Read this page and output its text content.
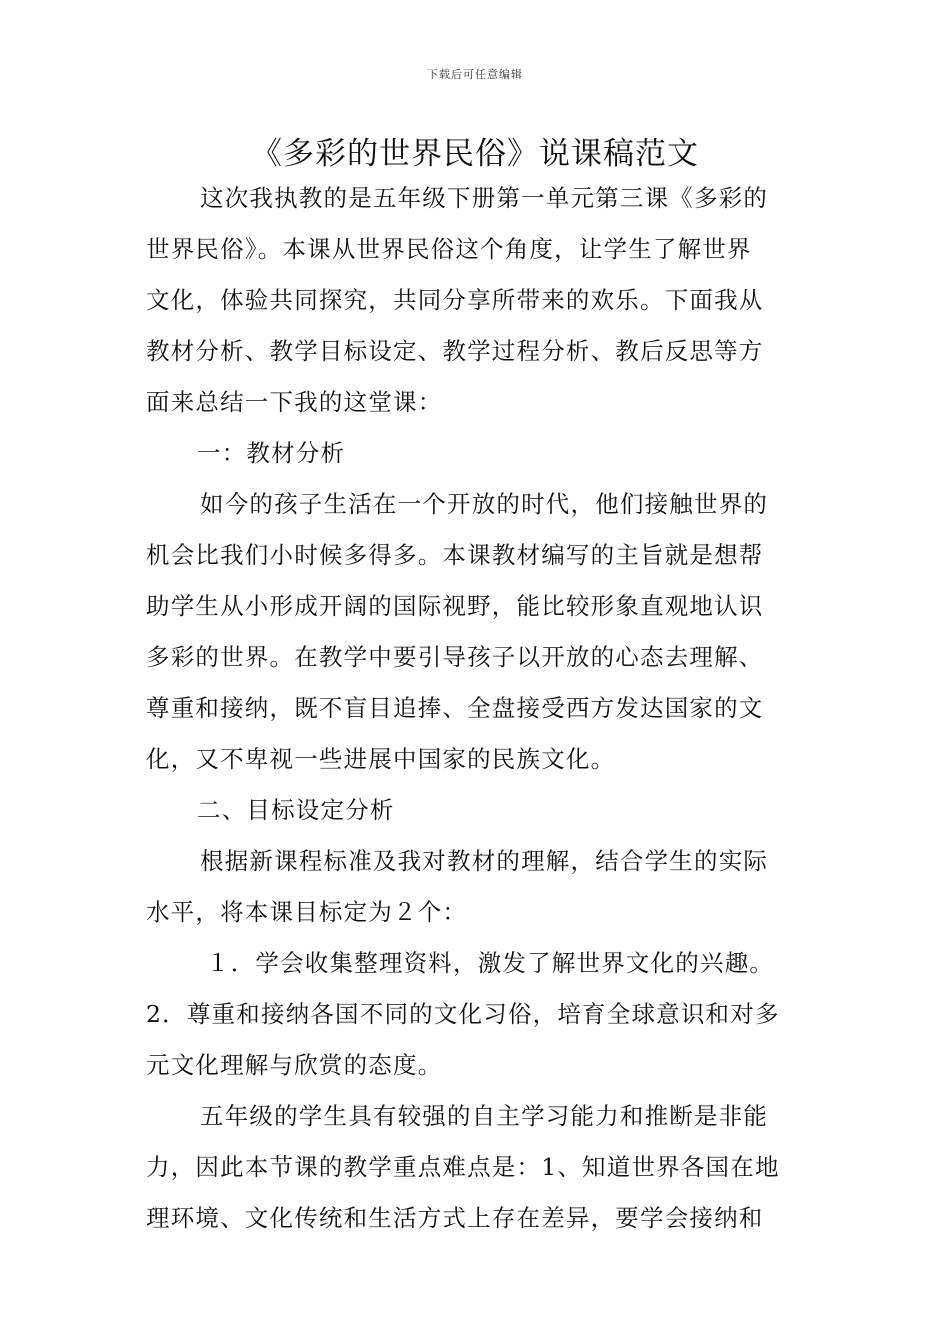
下载后可任意编辑
《多彩的世界民俗》说课稿范文
这次我执教的是五年级下册第一单元第三课《多彩的
世界民俗》。本课从世界民俗这个角度，让学生了解世界
文化，体验共同探究，共同分享所带来的欢乐。下面我从
教材分析、教学目标设定、教学过程分析、教后反思等方
面来总结一下我的这堂课：
一：教材分析
如今的孩子生活在一个开放的时代，他们接触世界的
机会比我们小时候多得多。本课教材编写的主旨就是想帮
助学生从小形成开阔的国际视野，能比较形象直观地认识
多彩的世界。在教学中要引导孩子以开放的心态去理解、
尊重和接纳，既不盲目追捧、全盘接受西方发达国家的文
化，又不卑视一些进展中国家的民族文化。
二、目标设定分析
根据新课程标准及我对教材的理解，结合学生的实际
水平，将本课目标定为２个：
１．学会收集整理资料，激发了解世界文化的兴趣。
2．尊重和接纳各国不同的文化习俗，培育全球意识和对多
元文化理解与欣赏的态度。
五年级的学生具有较强的自主学习能力和推断是非能
力，因此本节课的教学重点难点是：1、知道世界各国在地
理环境、文化传统和生活方式上存在差异，要学会接纳和
